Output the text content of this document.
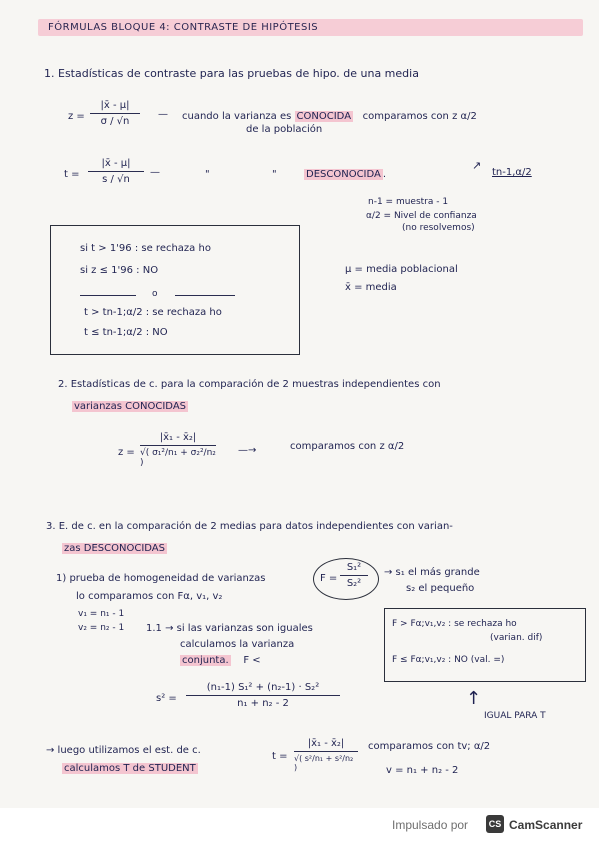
FÓRMULAS BLOQUE 4: CONTRASTE DE HIPÓTESIS
1. Estadísticas de contraste para las pruebas de hipo. de una media
z =
|x̄ - µ|
σ / √n
— cuando la varianza es CONOCIDA comparamos con z α/2
de la población
t =
|x̄ - µ|
s / √n
—	"	"	DESCONOCIDA .
↗
tn-1,α/2
n-1 = muestra - 1
α/2 = Nivel de confianza
(no resolvemos)
si t > 1'96 : se rechaza ho
si z ≤ 1'96 : NO
o
t > tn-1;α/2 : se rechaza ho
t ≤ tn-1;α/2 : NO
µ = media poblacional
x̄ = media
2. Estadísticas de c. para la comparación de 2 muestras independientes con
varianzas CONOCIDAS
z =
|x̄₁ - x̄₂|
√( σ₁²/n₁ + σ₂²/n₂ )
—→	comparamos con z α/2
3. E. de c. en la comparación de 2 medias para datos independientes con varian-
zas DESCONOCIDAS
1) prueba de homogeneidad de varianzas
lo comparamos con Fα, v₁, v₂
F =
S₁²
S₂²
→ s₁ el más grande
s₂ el pequeño
v₁ = n₁ - 1
v₂ = n₂ - 1 1.1 → si las varianzas son iguales
calculamos la varianza
conjunta. F <
F > Fα;v₁,v₂ : se rechaza ho
(varian. dif)
F ≤ Fα;v₁,v₂ : NO (val. =)
s² =
(n₁-1) S₁² + (n₂-1) · S₂²
n₁ + n₂ - 2	↑
IGUAL PARA T
→ luego utilizamos el est. de c.
calculamos T de STUDENT
t =
|x̄₁ - x̄₂|
√( s²/n₁ + s²/n₂ )
comparamos con tv; α/2
v = n₁ + n₂ - 2
Impulsado por	CS CamScanner
